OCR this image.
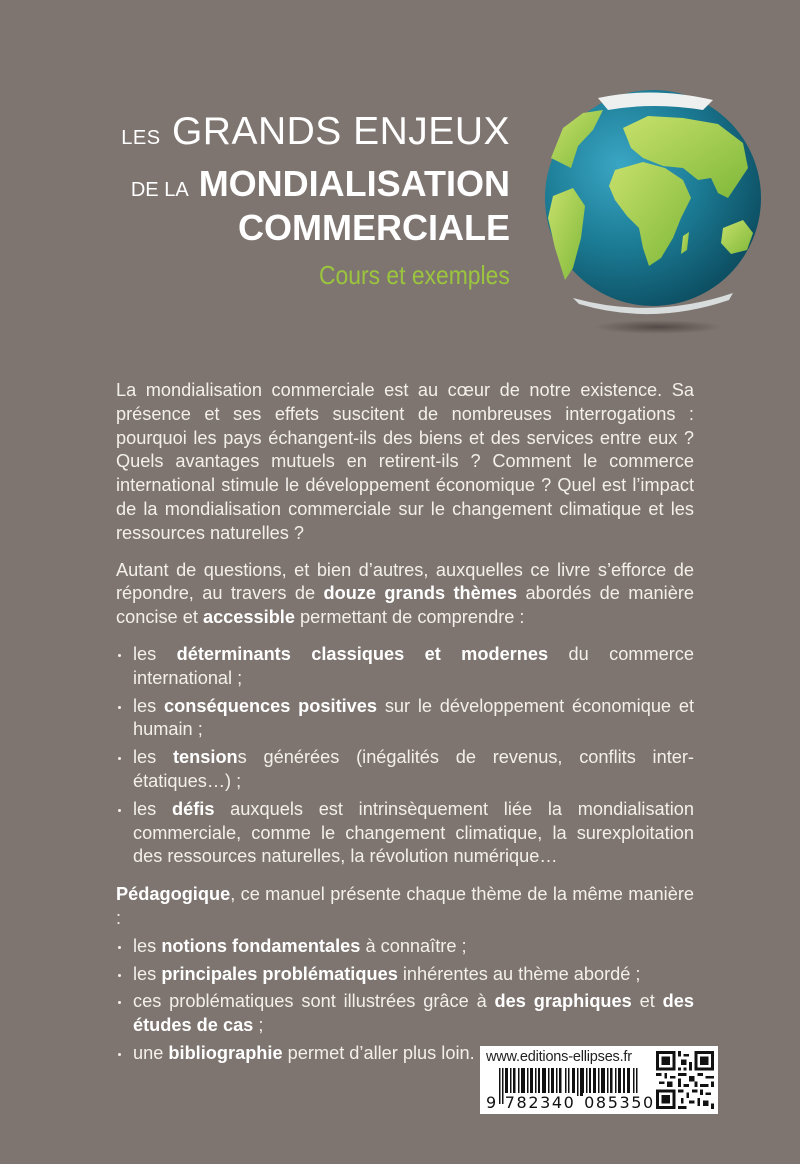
LES GRANDS ENJEUX
DE LA MONDIALISATION
COMMERCIALE
Cours et exemples

La mondialisation commerciale est au cœur de notre existence. Sa présence et ses effets suscitent de nombreuses interrogations : pourquoi les pays échangent-ils des biens et des services entre eux ? Quels avantages mutuels en retirent-ils ? Comment le commerce international stimule le développement économique ? Quel est l’impact de la mondialisation commerciale sur le changement climatique et les ressources naturelles ?

Autant de questions, et bien d’autres, auxquelles ce livre s’efforce de répondre, au travers de douze grands thèmes abordés de manière concise et accessible permettant de comprendre :

les déterminants classiques et modernes du commerce international ;
les conséquences positives sur le développement économique et humain ;
les tensions générées (inégalités de revenus, conflits inter-étatiques…) ;
les défis auxquels est intrinsèquement liée la mondialisation commerciale, comme le changement climatique, la surexploitation des ressources naturelles, la révolution numérique…

Pédagogique, ce manuel présente chaque thème de la même manière :

les notions fondamentales à connaître ;
les principales problématiques inhérentes au thème abordé ;
ces problématiques sont illustrées grâce à des graphiques et des études de cas ;
une bibliographie permet d’aller plus loin. www.editions-ellipses.fr
9 782340 085350
